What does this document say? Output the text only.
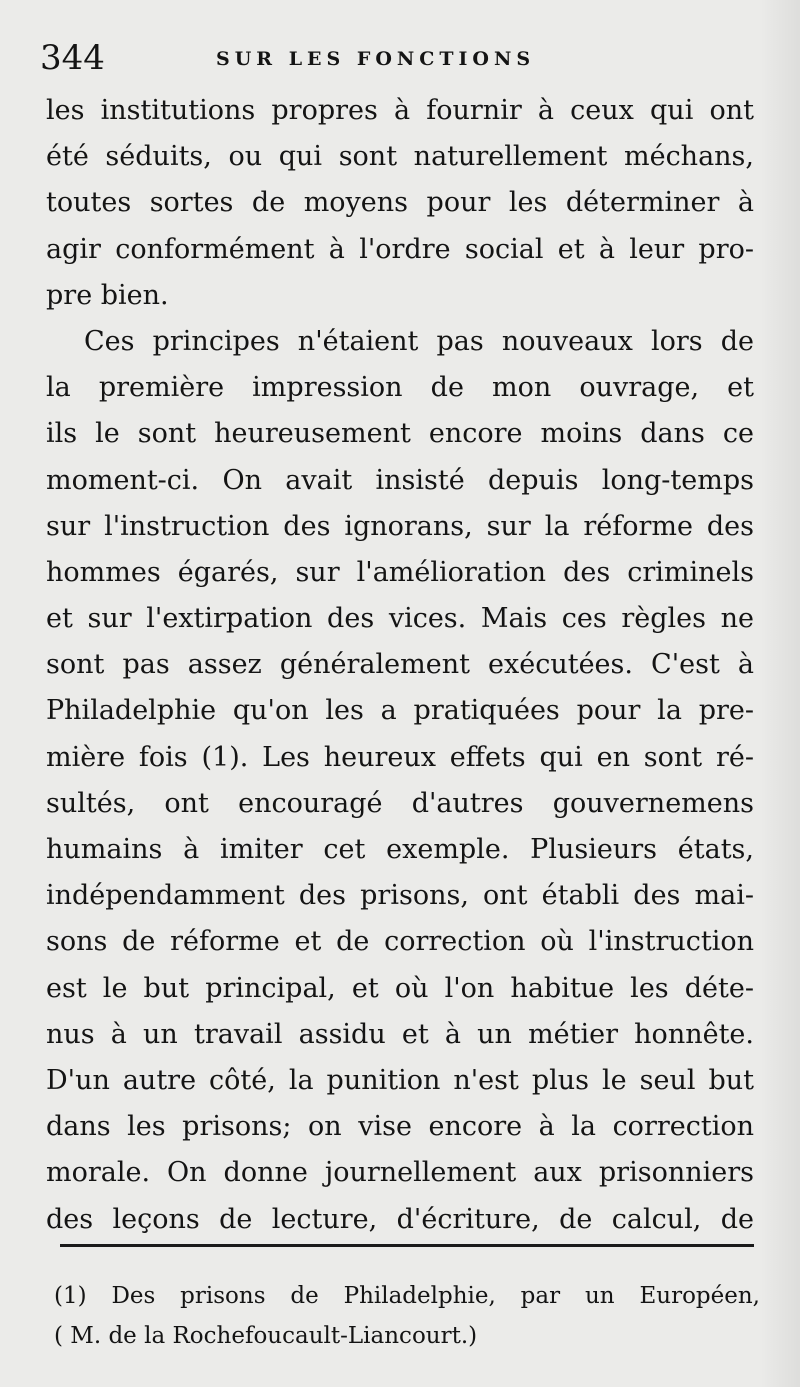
344	SUR LES FONCTIONS
les institutions propres à fournir à ceux qui ont
été séduits, ou qui sont naturellement méchans,
toutes sortes de moyens pour les déterminer à
agir conformément à l'ordre social et à leur pro-
pre bien.
Ces principes n'étaient pas nouveaux lors de
la première impression de mon ouvrage, et
ils le sont heureusement encore moins dans ce
moment-ci. On avait insisté depuis long-temps
sur l'instruction des ignorans, sur la réforme des
hommes égarés, sur l'amélioration des criminels
et sur l'extirpation des vices. Mais ces règles ne
sont pas assez généralement exécutées. C'est à
Philadelphie qu'on les a pratiquées pour la pre-
mière fois (1). Les heureux effets qui en sont ré-
sultés, ont encouragé d'autres gouvernemens
humains à imiter cet exemple. Plusieurs états,
indépendamment des prisons, ont établi des mai-
sons de réforme et de correction où l'instruction
est le but principal, et où l'on habitue les déte-
nus à un travail assidu et à un métier honnête.
D'un autre côté, la punition n'est plus le seul but
dans les prisons; on vise encore à la correction
morale. On donne journellement aux prisonniers
des leçons de lecture, d'écriture, de calcul, de
(1) Des prisons de Philadelphie, par un Européen,
( M. de la Rochefoucault-Liancourt.)
